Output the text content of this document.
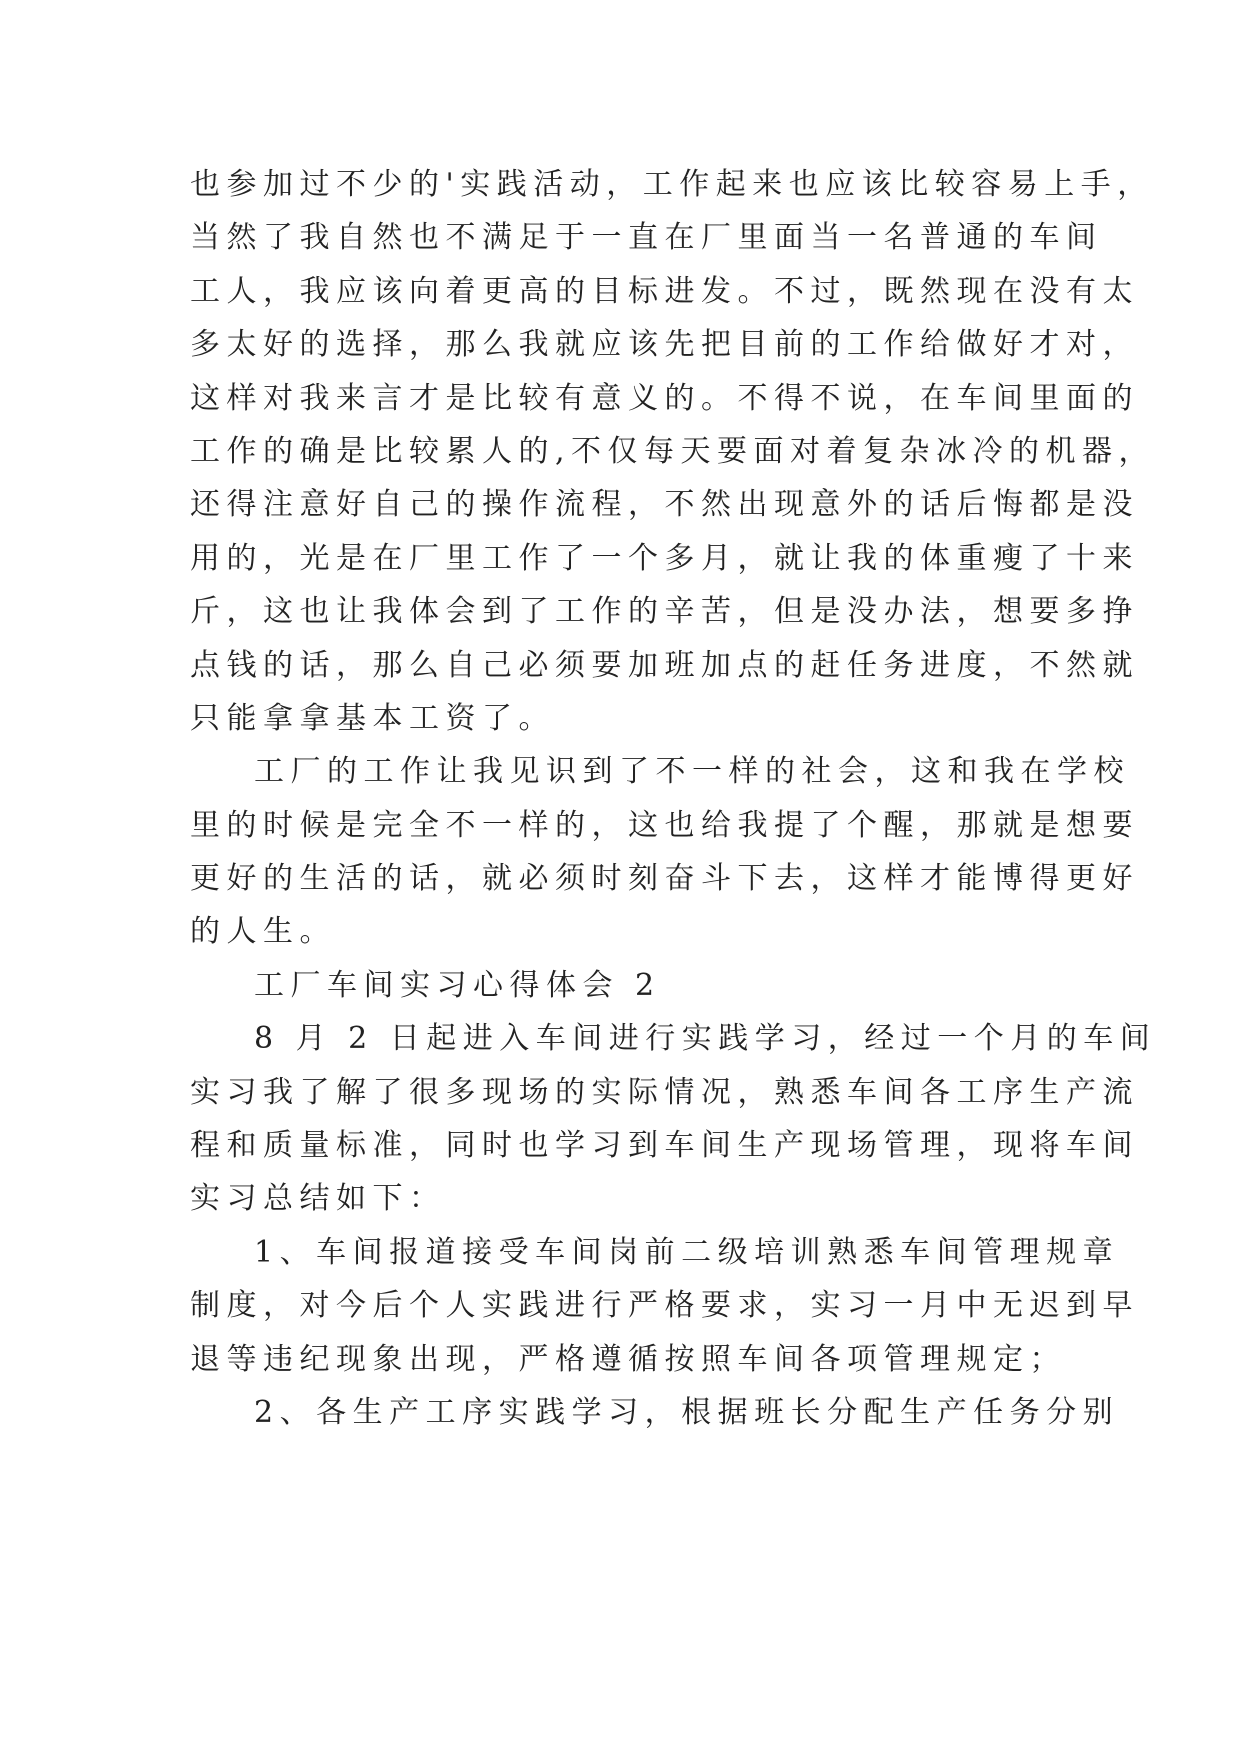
也参加过不少的'实践活动，工作起来也应该比较容易上手，
当然了我自然也不满足于一直在厂里面当一名普通的车间
工人，我应该向着更高的目标进发。不过，既然现在没有太
多太好的选择，那么我就应该先把目前的工作给做好才对，
这样对我来言才是比较有意义的。不得不说，在车间里面的
工作的确是比较累人的,不仅每天要面对着复杂冰冷的机器，
还得注意好自己的操作流程，不然出现意外的话后悔都是没
用的，光是在厂里工作了一个多月，就让我的体重瘦了十来
斤，这也让我体会到了工作的辛苦，但是没办法，想要多挣
点钱的话，那么自己必须要加班加点的赶任务进度，不然就
只能拿拿基本工资了。
工厂的工作让我见识到了不一样的社会，这和我在学校
里的时候是完全不一样的，这也给我提了个醒，那就是想要
更好的生活的话，就必须时刻奋斗下去，这样才能博得更好
的人生。
工厂车间实习心得体会 2
8 月 2 日起进入车间进行实践学习，经过一个月的车间
实习我了解了很多现场的实际情况，熟悉车间各工序生产流
程和质量标准，同时也学习到车间生产现场管理，现将车间
实习总结如下：
1、车间报道接受车间岗前二级培训熟悉车间管理规章
制度，对今后个人实践进行严格要求，实习一月中无迟到早
退等违纪现象出现，严格遵循按照车间各项管理规定；
2、各生产工序实践学习，根据班长分配生产任务分别
